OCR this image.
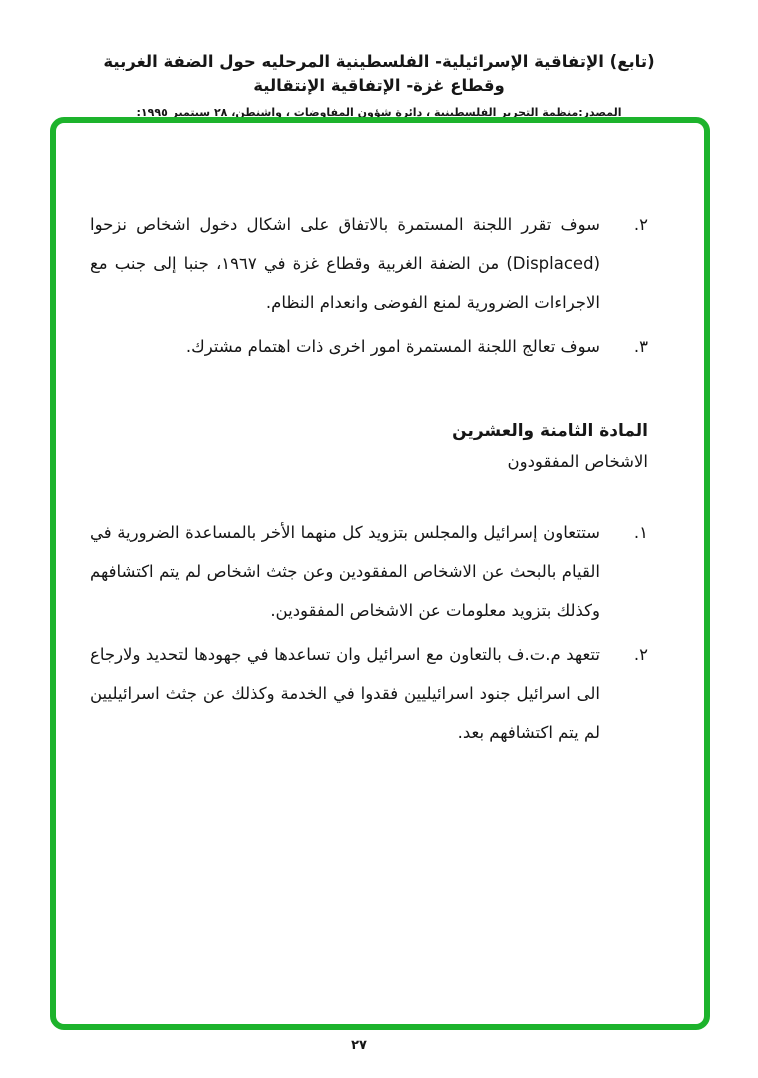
(تابع) الإتفاقية الإسرائيلية- الفلسطينية المرحليه حول الضفة الغربية وقطاع غزة- الإتفاقية الإنتقالية
المصدر:منظمة التحرير الفلسطينية ، دائرة شؤون المفاوضات ، واشنطن، ٢٨ سبتمبر ١٩٩٥:
٢.
سوف تقرر اللجنة المستمرة بالاتفاق على اشكال دخول اشخاص نزحوا (Displaced) من الضفة الغربية وقطاع غزة في ١٩٦٧، جنبا إلى جنب مع الاجراءات الضرورية لمنع الفوضى وانعدام النظام.
٣.
سوف تعالج اللجنة المستمرة امور اخرى ذات اهتمام مشترك.
المادة الثامنة والعشرين
الاشخاص المفقودون
١.
ستتعاون إسرائيل والمجلس بتزويد كل منهما الأخر بالمساعدة الضرورية في القيام بالبحث عن الاشخاص المفقودين وعن جثث اشخاص لم يتم اكتشافهم وكذلك بتزويد معلومات عن الاشخاص المفقودين.
٢.
تتعهد م.ت.ف بالتعاون مع اسرائيل وان تساعدها في جهودها لتحديد ولارجاع الى اسرائيل جنود اسرائيليين فقدوا في الخدمة وكذلك عن جثث اسرائيليين لم يتم اكتشافهم بعد.
٢٧
